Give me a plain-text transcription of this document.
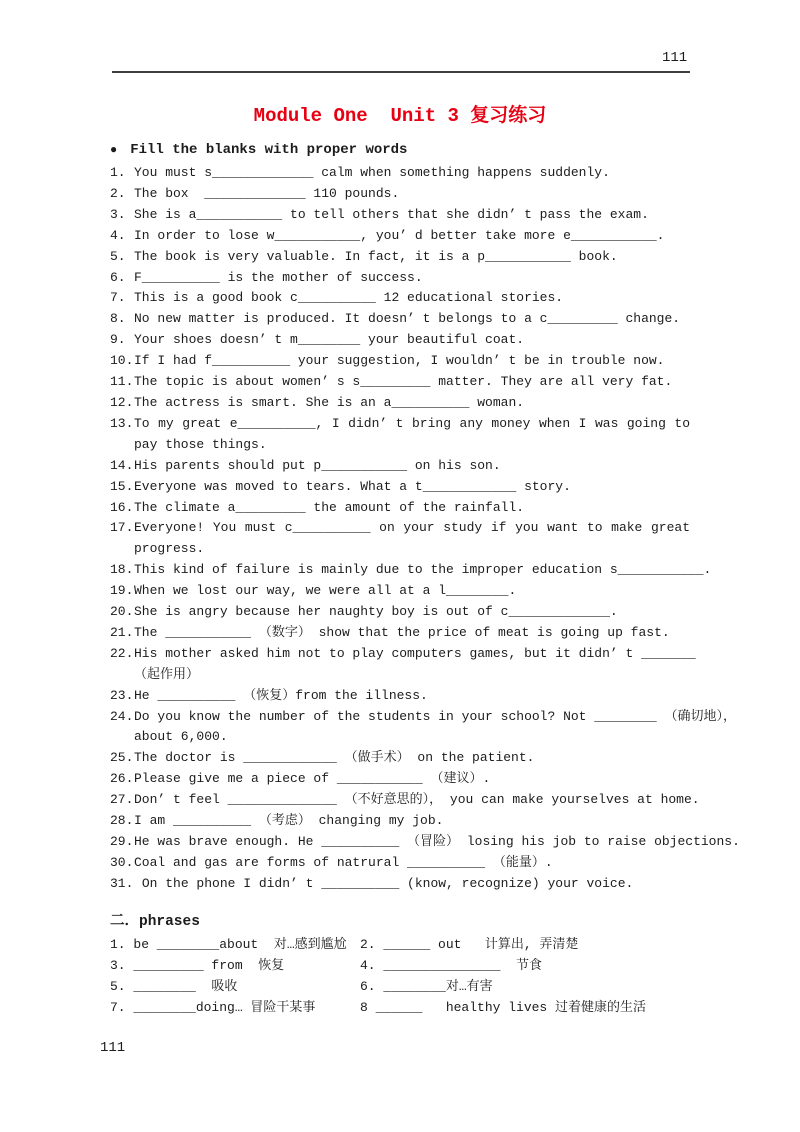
111
Module One  Unit 3 复习练习
● Fill the blanks with proper words
1. You must s_____________ calm when something happens suddenly.
2. The box  _____________ 110 pounds.
3. She is a___________ to tell others that she didn’ t pass the exam.
4. In order to lose w___________, you’ d better take more e___________.
5. The book is very valuable. In fact, it is a p___________ book.
6. F__________ is the mother of success.
7. This is a good book c__________ 12 educational stories.
8. No new matter is produced. It doesn’ t belongs to a c_________ change.
9. Your shoes doesn’ t m________ your beautiful coat.
10. If I had f__________ your suggestion, I wouldn’ t be in trouble now.
11. The topic is about women’ s s_________ matter. They are all very fat.
12. The actress is smart. She is an a__________ woman.
13. To my great e__________, I didn’ t bring any money when I was going to
pay those things.
14. His parents should put p___________ on his son.
15. Everyone was moved to tears. What a t____________ story.
16. The climate a_________ the amount of the rainfall.
17. Everyone! You must c__________ on your study if you want to make great
progress.
18. This kind of failure is mainly due to the improper education s___________.
19. When we lost our way, we were all at a l________.
20. She is angry because her naughty boy is out of c_____________.
21. The ___________ （数字） show that the price of meat is going up fast.
22. His mother asked him not to play computers games, but it didn’ t _______
（起作用）
23. He __________ （恢复）from the illness.
24. Do you know the number of the students in your school? Not ________ （确切地），
about 6,000.
25. The doctor is ____________ （做手术） on the patient.
26. Please give me a piece of ___________ （建议）.
27. Don’ t feel ______________ （不好意思的）， you can make yourselves at home.
28. I am __________ （考虑） changing my job.
29. He was brave enough. He __________ （冒险） losing his job to raise objections.
30. Coal and gas are forms of natrural __________ （能量）.
31. On the phone I didn’ t __________ (know, recognize) your voice.
二．phrases
1. be ________about  对…感到尴尬	2. ______ out   计算出, 弄清楚
3. _________ from  恢复	4. _______________  节食
5. ________  吸收	6. ________对…有害
7. ________doing… 冒险干某事	8 ______   healthy lives 过着健康的生活
111
